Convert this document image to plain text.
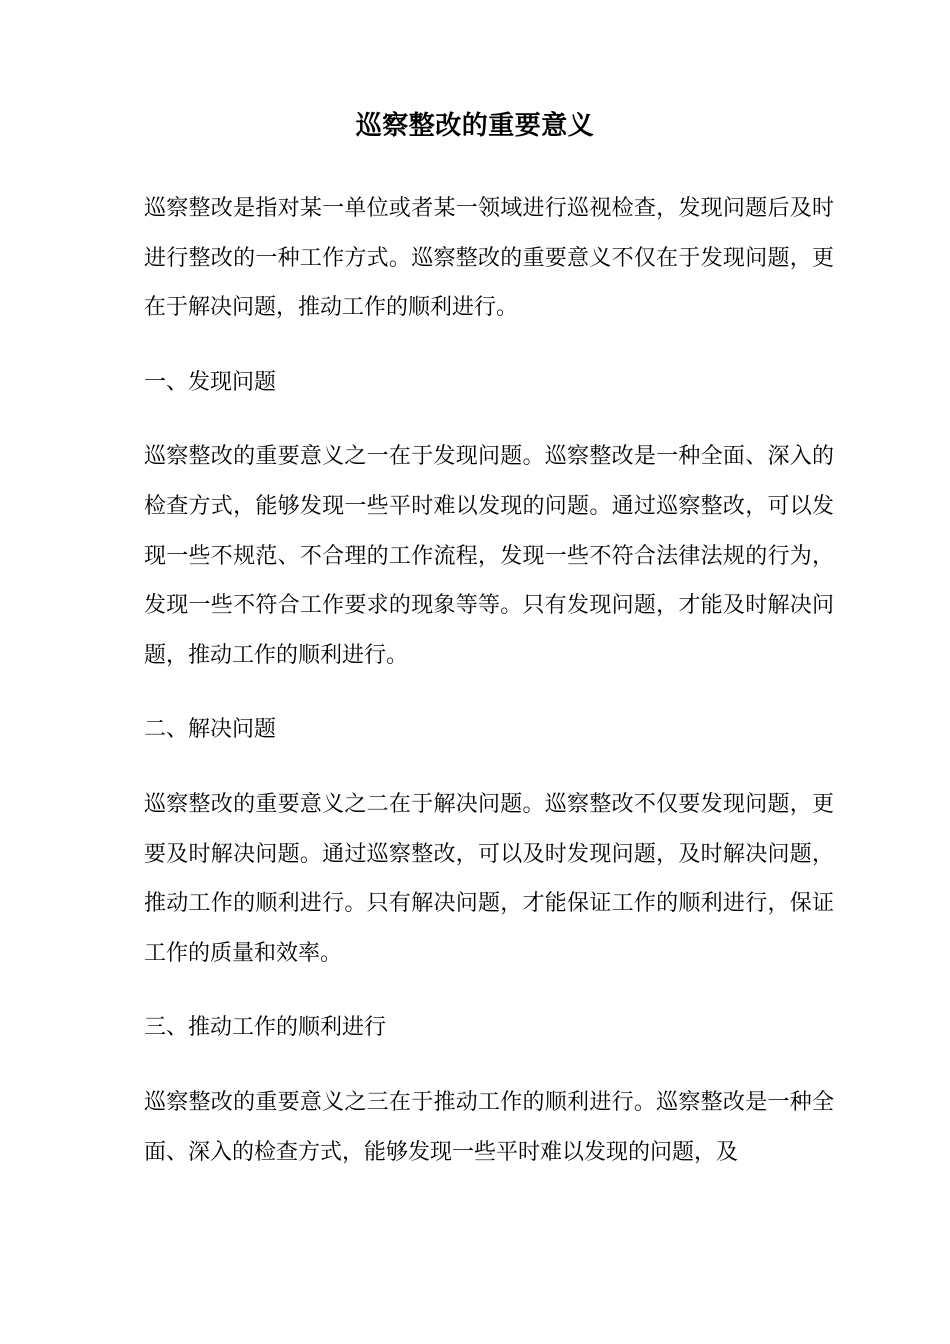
巡察整改的重要意义

巡察整改是指对某一单位或者某一领域进行巡视检查，发现问题后及时进行整改的一种工作方式。巡察整改的重要意义不仅在于发现问题，更在于解决问题，推动工作的顺利进行。

一、发现问题

巡察整改的重要意义之一在于发现问题。巡察整改是一种全面、深入的检查方式，能够发现一些平时难以发现的问题。通过巡察整改，可以发现一些不规范、不合理的工作流程，发现一些不符合法律法规的行为，发现一些不符合工作要求的现象等等。只有发现问题，才能及时解决问题，推动工作的顺利进行。

二、解决问题

巡察整改的重要意义之二在于解决问题。巡察整改不仅要发现问题，更要及时解决问题。通过巡察整改，可以及时发现问题，及时解决问题，推动工作的顺利进行。只有解决问题，才能保证工作的顺利进行，保证工作的质量和效率。

三、推动工作的顺利进行

巡察整改的重要意义之三在于推动工作的顺利进行。巡察整改是一种全面、深入的检查方式，能够发现一些平时难以发现的问题，及
